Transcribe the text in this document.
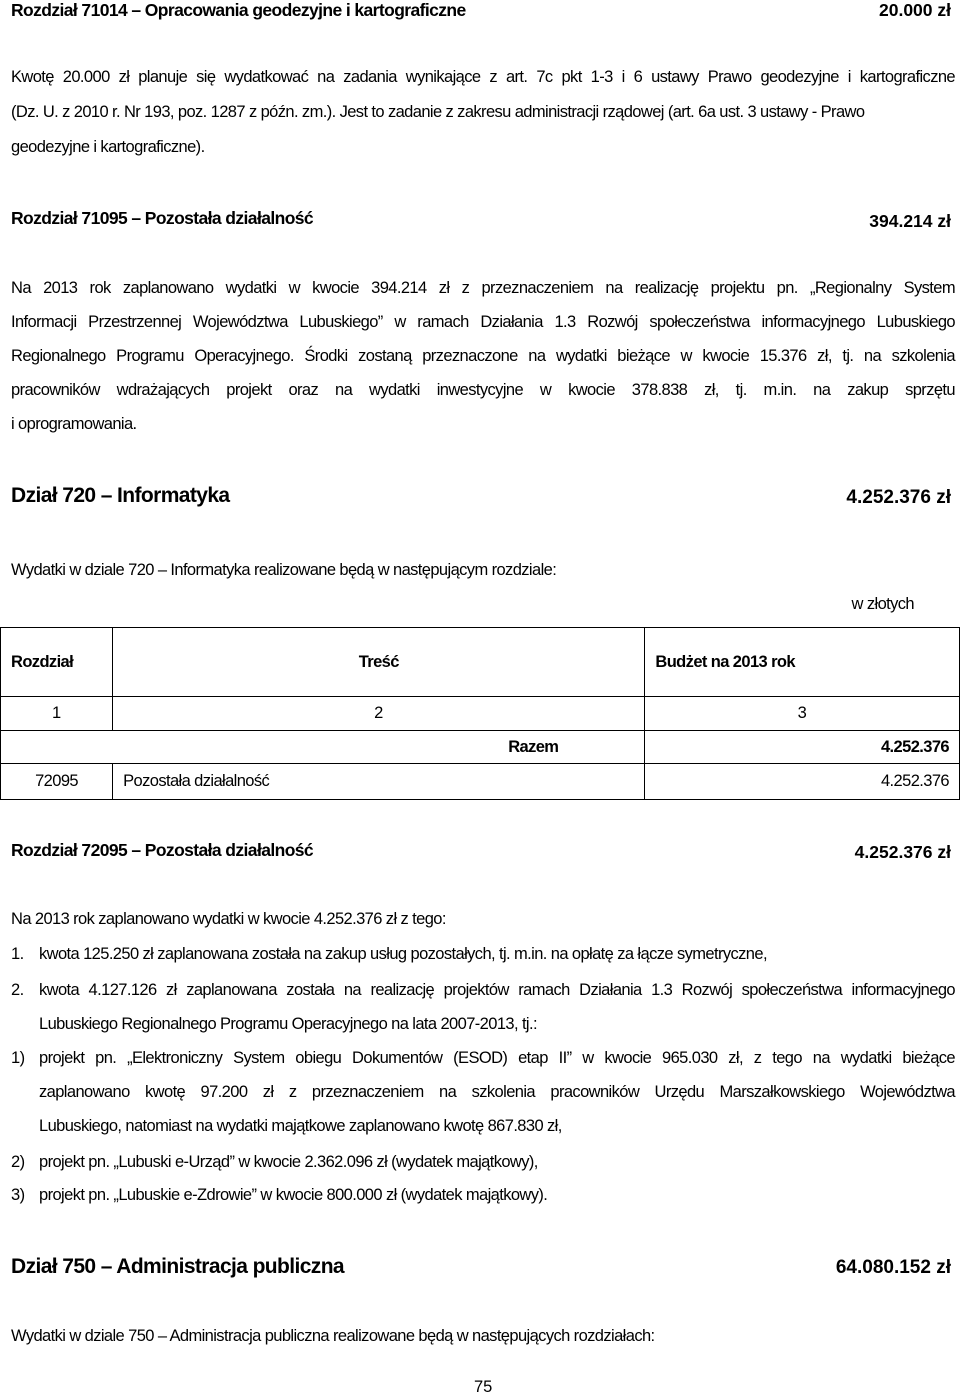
Rozdział 71014 – Opracowania geodezyjne i kartograficzne	20.000 zł
Kwotę 20.000 zł planuje się wydatkować na zadania wynikające z art. 7c pkt 1-3 i 6 ustawy Prawo geodezyjne i kartograficzne
(Dz. U. z 2010 r. Nr 193, poz. 1287 z późn. zm.). Jest to zadanie z zakresu administracji rządowej (art. 6a ust. 3 ustawy - Prawo
geodezyjne i kartograficzne).
Rozdział 71095 – Pozostała działalność	394.214 zł
Na 2013 rok zaplanowano wydatki w kwocie 394.214 zł z przeznaczeniem na realizację projektu pn. „Regionalny System
Informacji Przestrzennej Województwa Lubuskiego” w ramach Działania 1.3 Rozwój społeczeństwa informacyjnego Lubuskiego
Regionalnego Programu Operacyjnego. Środki zostaną przeznaczone na wydatki bieżące w kwocie 15.376 zł, tj. na szkolenia
pracowników wdrażających projekt oraz na wydatki inwestycyjne w kwocie 378.838 zł, tj. m.in. na zakup sprzętu
i oprogramowania.
Dział 720 – Informatyka	4.252.376 zł
Wydatki w dziale 720 – Informatyka realizowane będą w następującym rozdziale:
w złotych
Rozdział	Treść	Budżet na 2013 rok
1	2	3
Razem		4.252.376
72095	Pozostała działalność	4.252.376
Rozdział 72095 – Pozostała działalność	4.252.376 zł
Na 2013 rok zaplanowano wydatki w kwocie 4.252.376 zł z tego:
1. kwota 125.250 zł zaplanowana została na zakup usług pozostałych, tj. m.in. na opłatę za łącze symetryczne,
2. kwota 4.127.126 zł zaplanowana została na realizację projektów ramach Działania 1.3 Rozwój społeczeństwa informacyjnego
Lubuskiego Regionalnego Programu Operacyjnego na lata 2007-2013, tj.:
1) projekt pn. „Elektroniczny System obiegu Dokumentów (ESOD) etap II” w kwocie 965.030 zł, z tego na wydatki bieżące
zaplanowano kwotę 97.200 zł z przeznaczeniem na szkolenia pracowników Urzędu Marszałkowskiego Województwa
Lubuskiego, natomiast na wydatki majątkowe zaplanowano kwotę 867.830 zł,
2) projekt pn. „Lubuski e-Urząd” w kwocie 2.362.096 zł (wydatek majątkowy),
3) projekt pn. „Lubuskie e-Zdrowie” w kwocie 800.000 zł (wydatek majątkowy).
Dział 750 – Administracja publiczna	64.080.152 zł
Wydatki w dziale 750 – Administracja publiczna realizowane będą w następujących rozdziałach:
75
